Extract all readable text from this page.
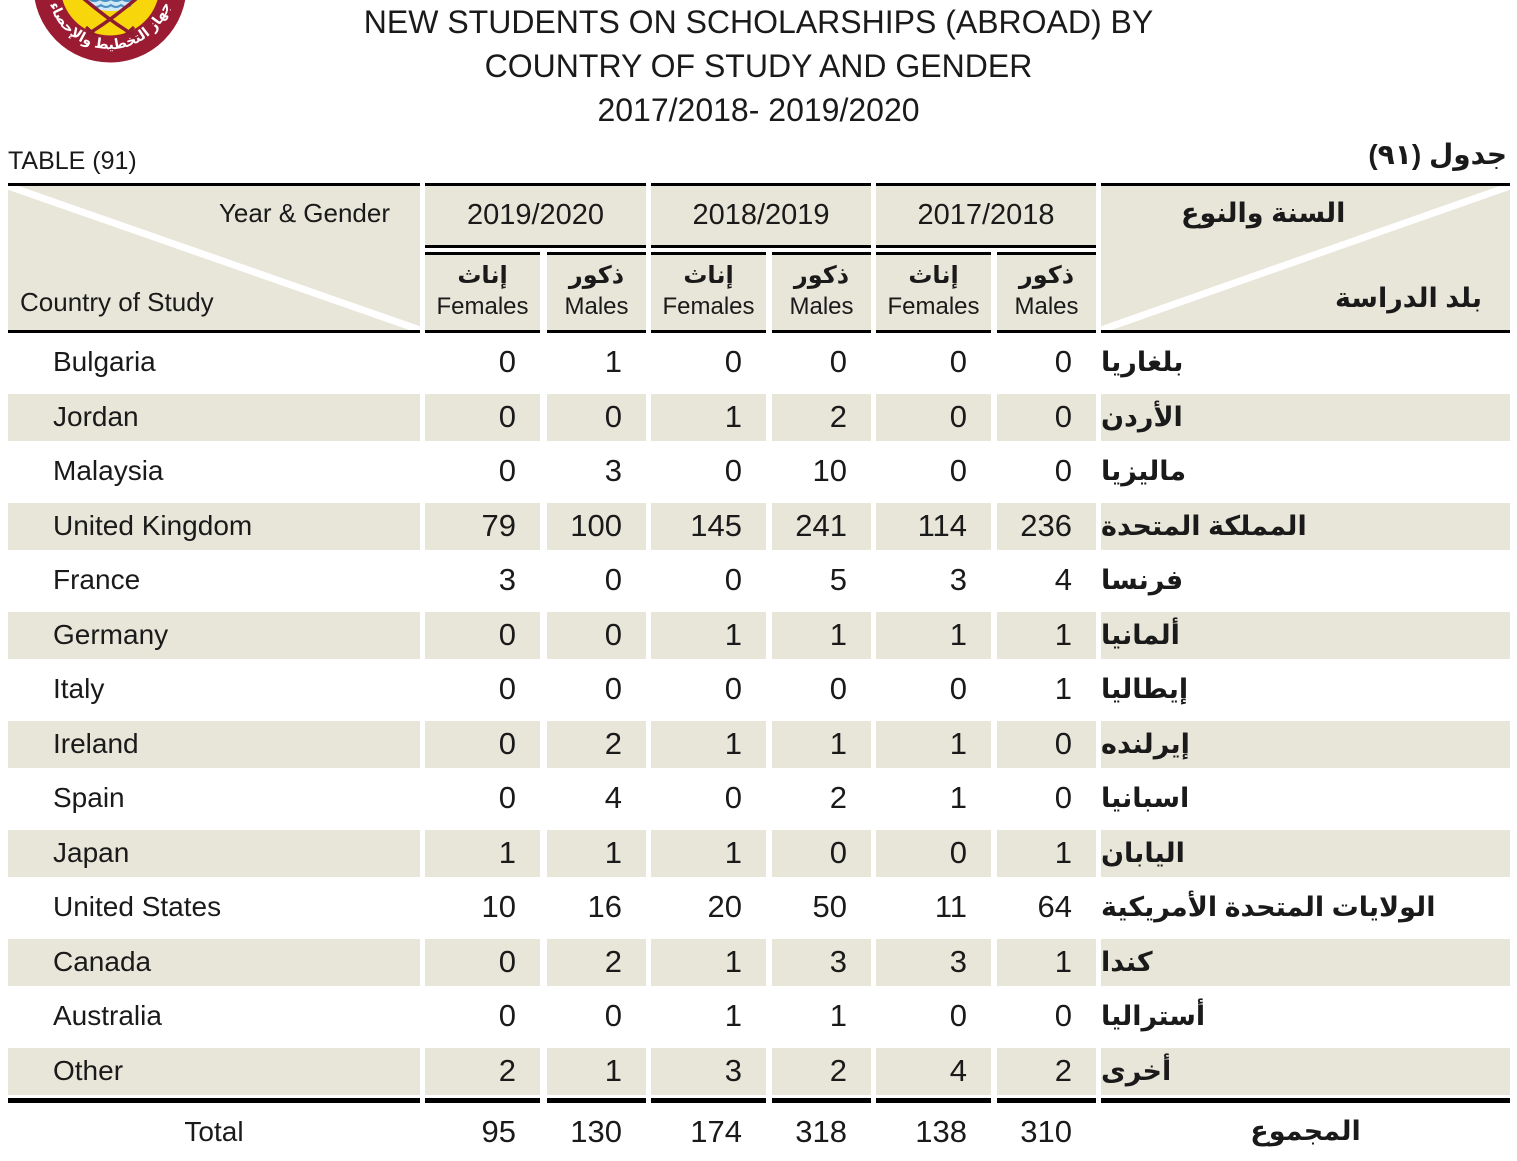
جهاز التخطيط والإحصاء	NEW STUDENTS ON SCHOLARSHIPS (ABROAD) BY
COUNTRY OF STUDY AND GENDER
2017/2018- 2019/2020
TABLE (91)	جدول (٩١)
Year & Gender
Country of Study
2019/2020
إناث
Females
ذكور
Males
2018/2019
إناث
Females
ذكور
Males
2017/2018
إناث
Females
ذكور
Males
السنة والنوع
بلد الدراسة
Bulgaria	0	1	0	0	0	0	بلغاريا
Jordan	0	0	1	2	0	0	الأردن
Malaysia	0	3	0	10	0	0	ماليزيا
United Kingdom	79	100	145	241	114	236	المملكة المتحدة
France	3	0	0	5	3	4	فرنسا
Germany	0	0	1	1	1	1	ألمانيا
Italy	0	0	0	0	0	1	إيطاليا
Ireland	0	2	1	1	1	0	إيرلنده
Spain	0	4	0	2	1	0	اسبانيا
Japan	1	1	1	0	0	1	اليابان
United States	10	16	20	50	11	64	الولايات المتحدة الأمريكية
Canada	0	2	1	3	3	1	كندا
Australia	0	0	1	1	0	0	أستراليا
Other	2	1	3	2	4	2	أخرى
Total	95	130	174	318	138	310	المجموع
